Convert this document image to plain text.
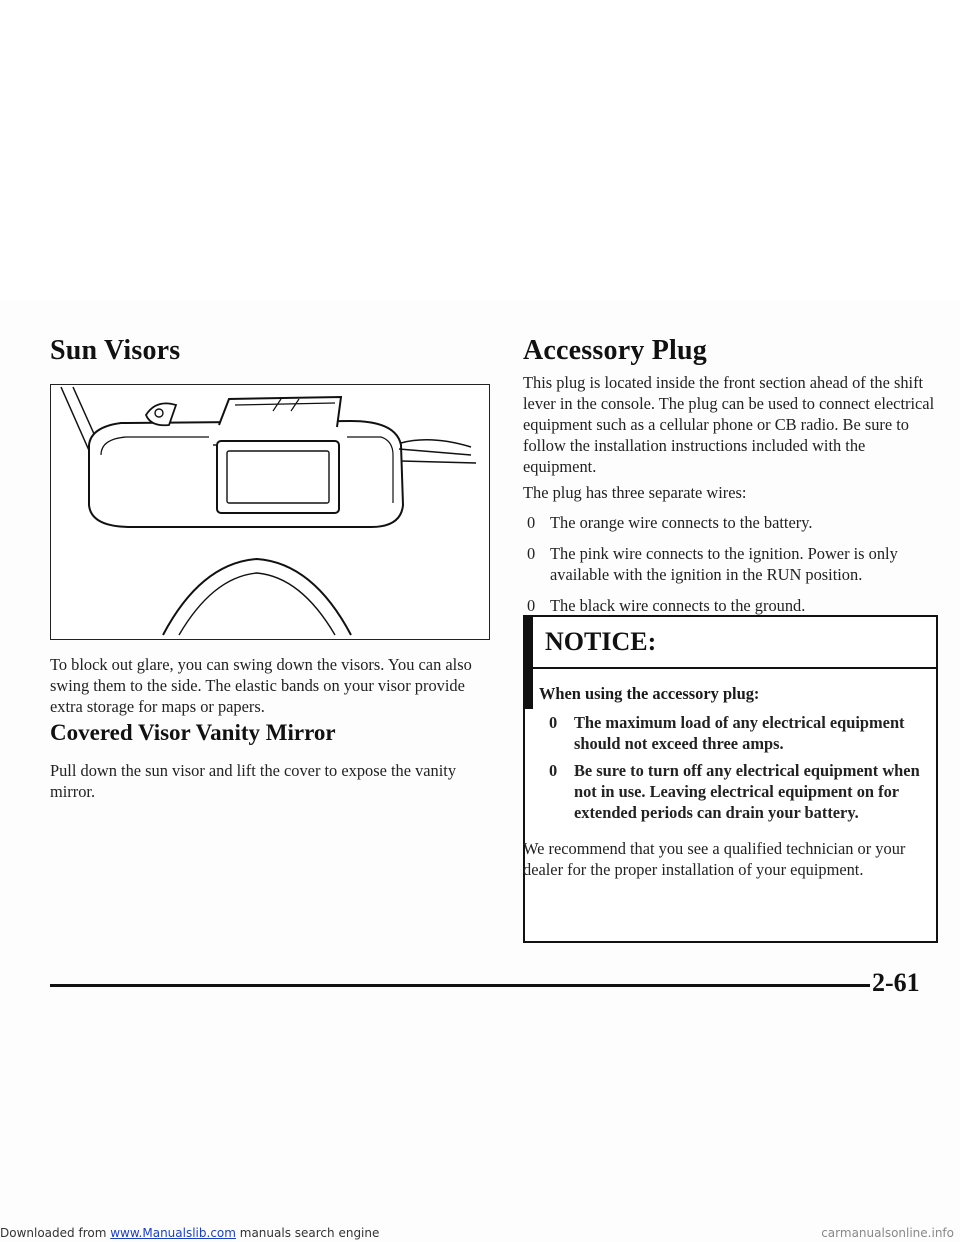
Sun Visors

To block out glare, you can swing down the visors. You can also swing them to the side. The elastic bands on your visor provide extra storage for maps or papers.

Covered Visor Vanity Mirror

Pull down the sun visor and lift the cover to expose the vanity mirror.

Accessory Plug

This plug is located inside the front section ahead of the shift lever in the console. The plug can be used to connect electrical equipment such as a cellular phone or CB radio. Be sure to follow the installation instructions included with the equipment.

The plug has three separate wires:

0 The orange wire connects to the battery.
0 The pink wire connects to the ignition. Power is only available with the ignition in the RUN position.
0 The black wire connects to the ground.
NOTICE:

When using the accessory plug:

0 The maximum load of any electrical equipment should not exceed three amps.
0 Be sure to turn off any electrical equipment when not in use. Leaving electrical equipment on for extended periods can drain your battery.

We recommend that you see a qualified technician or your dealer for the proper installation of your equipment.

2-61
Downloaded from www.Manualslib.com manuals search engine	carmanualsonline.info
